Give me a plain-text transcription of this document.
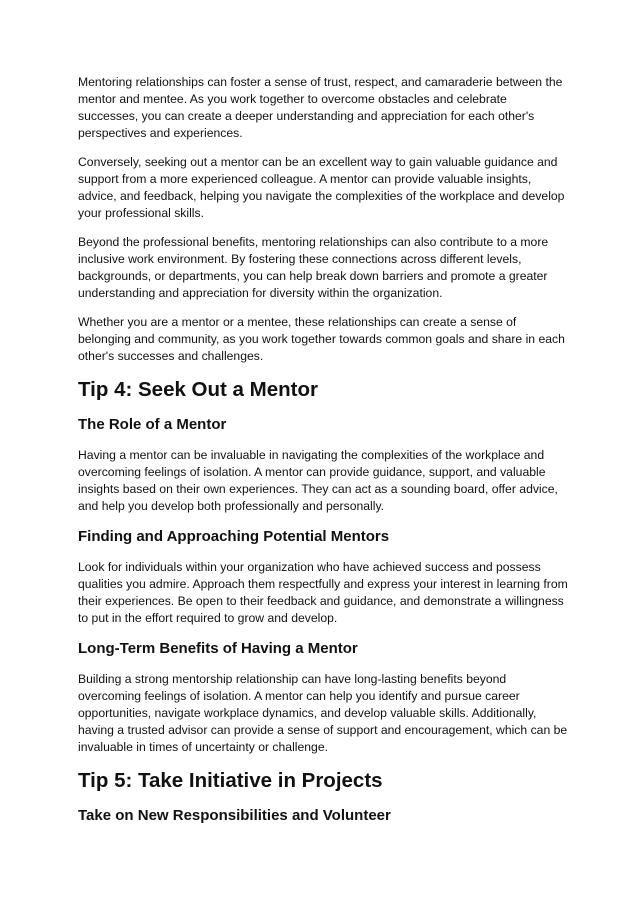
Mentoring relationships can foster a sense of trust, respect, and camaraderie between the mentor and mentee. As you work together to overcome obstacles and celebrate successes, you can create a deeper understanding and appreciation for each other's perspectives and experiences.

Conversely, seeking out a mentor can be an excellent way to gain valuable guidance and support from a more experienced colleague. A mentor can provide valuable insights, advice, and feedback, helping you navigate the complexities of the workplace and develop your professional skills.

Beyond the professional benefits, mentoring relationships can also contribute to a more inclusive work environment. By fostering these connections across different levels, backgrounds, or departments, you can help break down barriers and promote a greater understanding and appreciation for diversity within the organization.

Whether you are a mentor or a mentee, these relationships can create a sense of belonging and community, as you work together towards common goals and share in each other's successes and challenges.

Tip 4: Seek Out a Mentor
The Role of a Mentor

Having a mentor can be invaluable in navigating the complexities of the workplace and overcoming feelings of isolation. A mentor can provide guidance, support, and valuable insights based on their own experiences. They can act as a sounding board, offer advice, and help you develop both professionally and personally.

Finding and Approaching Potential Mentors

Look for individuals within your organization who have achieved success and possess qualities you admire. Approach them respectfully and express your interest in learning from their experiences. Be open to their feedback and guidance, and demonstrate a willingness to put in the effort required to grow and develop.

Long-Term Benefits of Having a Mentor

Building a strong mentorship relationship can have long-lasting benefits beyond overcoming feelings of isolation. A mentor can help you identify and pursue career opportunities, navigate workplace dynamics, and develop valuable skills. Additionally, having a trusted advisor can provide a sense of support and encouragement, which can be invaluable in times of uncertainty or challenge.

Tip 5: Take Initiative in Projects
Take on New Responsibilities and Volunteer
